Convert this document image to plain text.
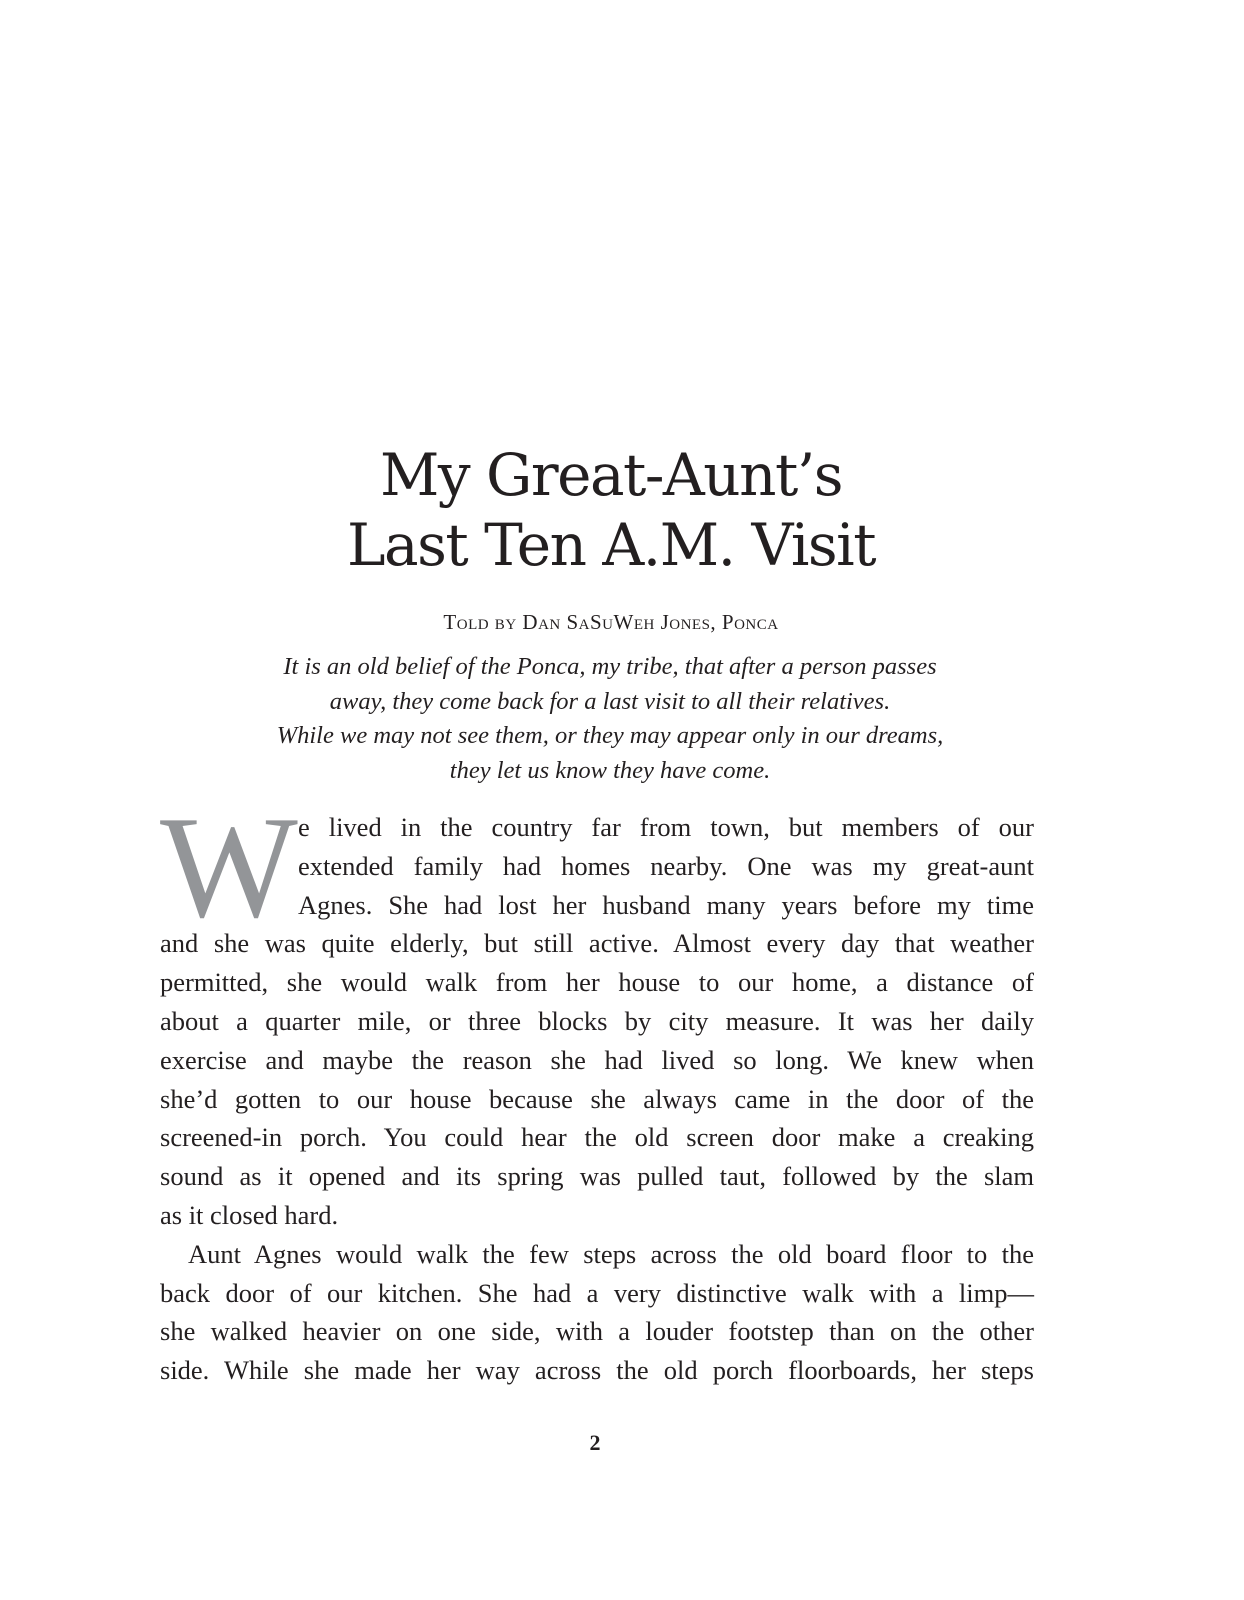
My Great-Aunt’s
Last Ten A.M. Visit
Told by Dan SaSuWeh Jones, Ponca
It is an old belief of the Ponca, my tribe, that after a person passes
away, they come back for a last visit to all their relatives.
While we may not see them, or they may appear only in our dreams,
they let us know they have come.
W e lived in the country far from town, but members of our
extended family had homes nearby. One was my great-aunt
Agnes. She had lost her husband many years before my time
and she was quite elderly, but still active. Almost every day that weather
permitted, she would walk from her house to our home, a distance of
about a quarter mile, or three blocks by city measure. It was her daily
exercise and maybe the reason she had lived so long. We knew when
she’d gotten to our house because she always came in the door of the
screened-in porch. You could hear the old screen door make a creaking
sound as it opened and its spring was pulled taut, followed by the slam
as it closed hard.
Aunt Agnes would walk the few steps across the old board floor to the
back door of our kitchen. She had a very distinctive walk with a limp—
she walked heavier on one side, with a louder footstep than on the other
side. While she made her way across the old porch floorboards, her steps
2
